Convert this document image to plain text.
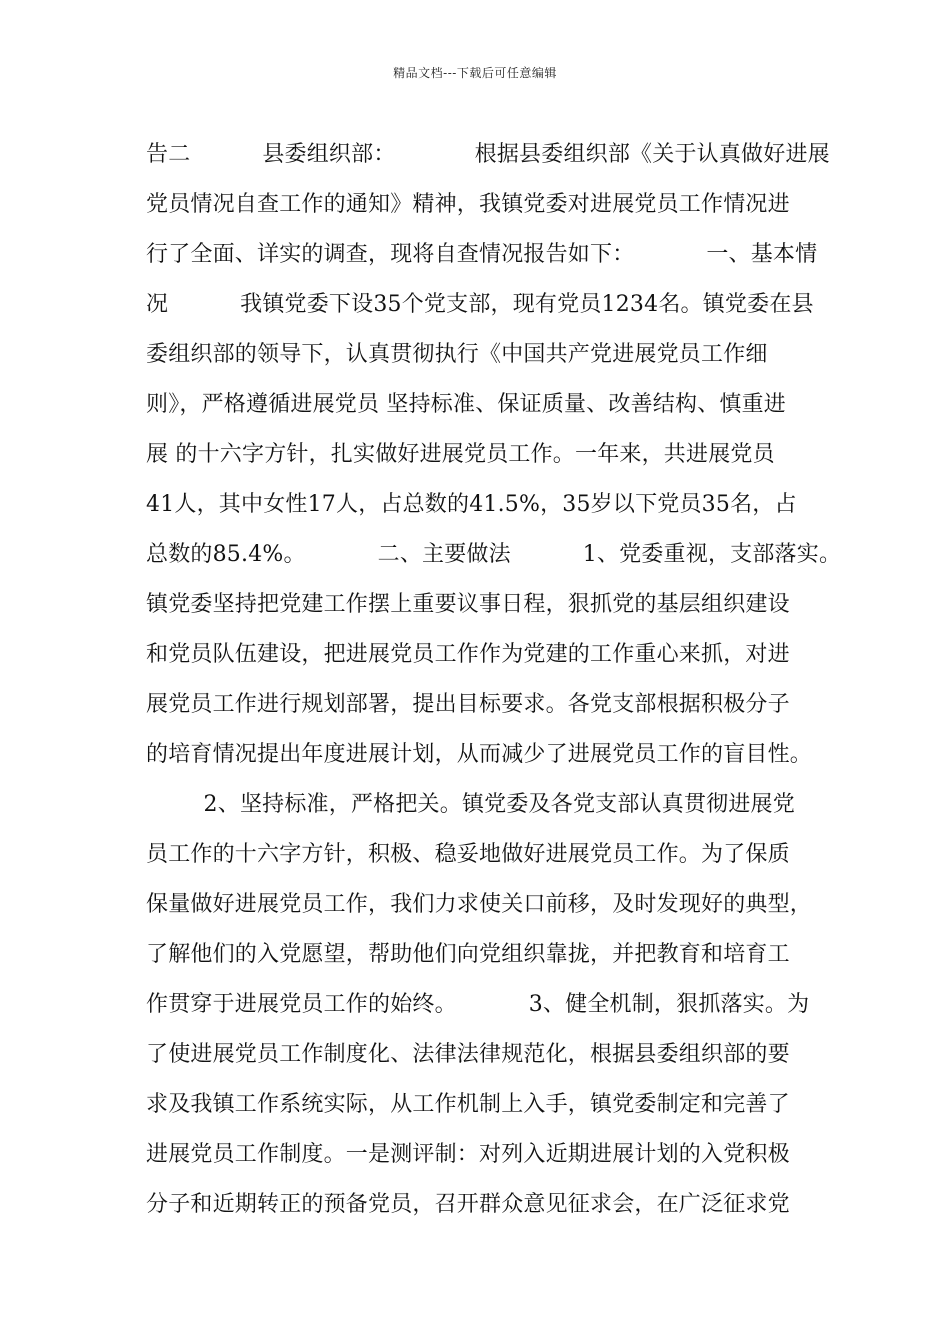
精品文档---下载后可任意编辑
告二          县委组织部：           根据县委组织部《关于认真做好进展
党员情况自查工作的通知》精神，我镇党委对进展党员工作情况进
行了全面、详实的调查，现将自查情况报告如下：          一、基本情
况          我镇党委下设35个党支部，现有党员1234名。镇党委在县
委组织部的领导下，认真贯彻执行《中国共产党进展党员工作细
则》，严格遵循进展党员 坚持标准、保证质量、改善结构、慎重进
展 的十六字方针，扎实做好进展党员工作。一年来，共进展党员
41人，其中女性17人，占总数的41.5%，35岁以下党员35名，占
总数的85.4%。          二、主要做法          1、党委重视，支部落实。
镇党委坚持把党建工作摆上重要议事日程，狠抓党的基层组织建设
和党员队伍建设，把进展党员工作作为党建的工作重心来抓，对进
展党员工作进行规划部署，提出目标要求。各党支部根据积极分子
的培育情况提出年度进展计划，从而减少了进展党员工作的盲目性。
2、坚持标准，严格把关。镇党委及各党支部认真贯彻进展党
员工作的十六字方针，积极、稳妥地做好进展党员工作。为了保质
保量做好进展党员工作，我们力求使关口前移，及时发现好的典型，
了解他们的入党愿望，帮助他们向党组织靠拢，并把教育和培育工
作贯穿于进展党员工作的始终。          3、健全机制，狠抓落实。为
了使进展党员工作制度化、法律法律规范化，根据县委组织部的要
求及我镇工作系统实际，从工作机制上入手，镇党委制定和完善了
进展党员工作制度。一是测评制：对列入近期进展计划的入党积极
分子和近期转正的预备党员，召开群众意见征求会，在广泛征求党
